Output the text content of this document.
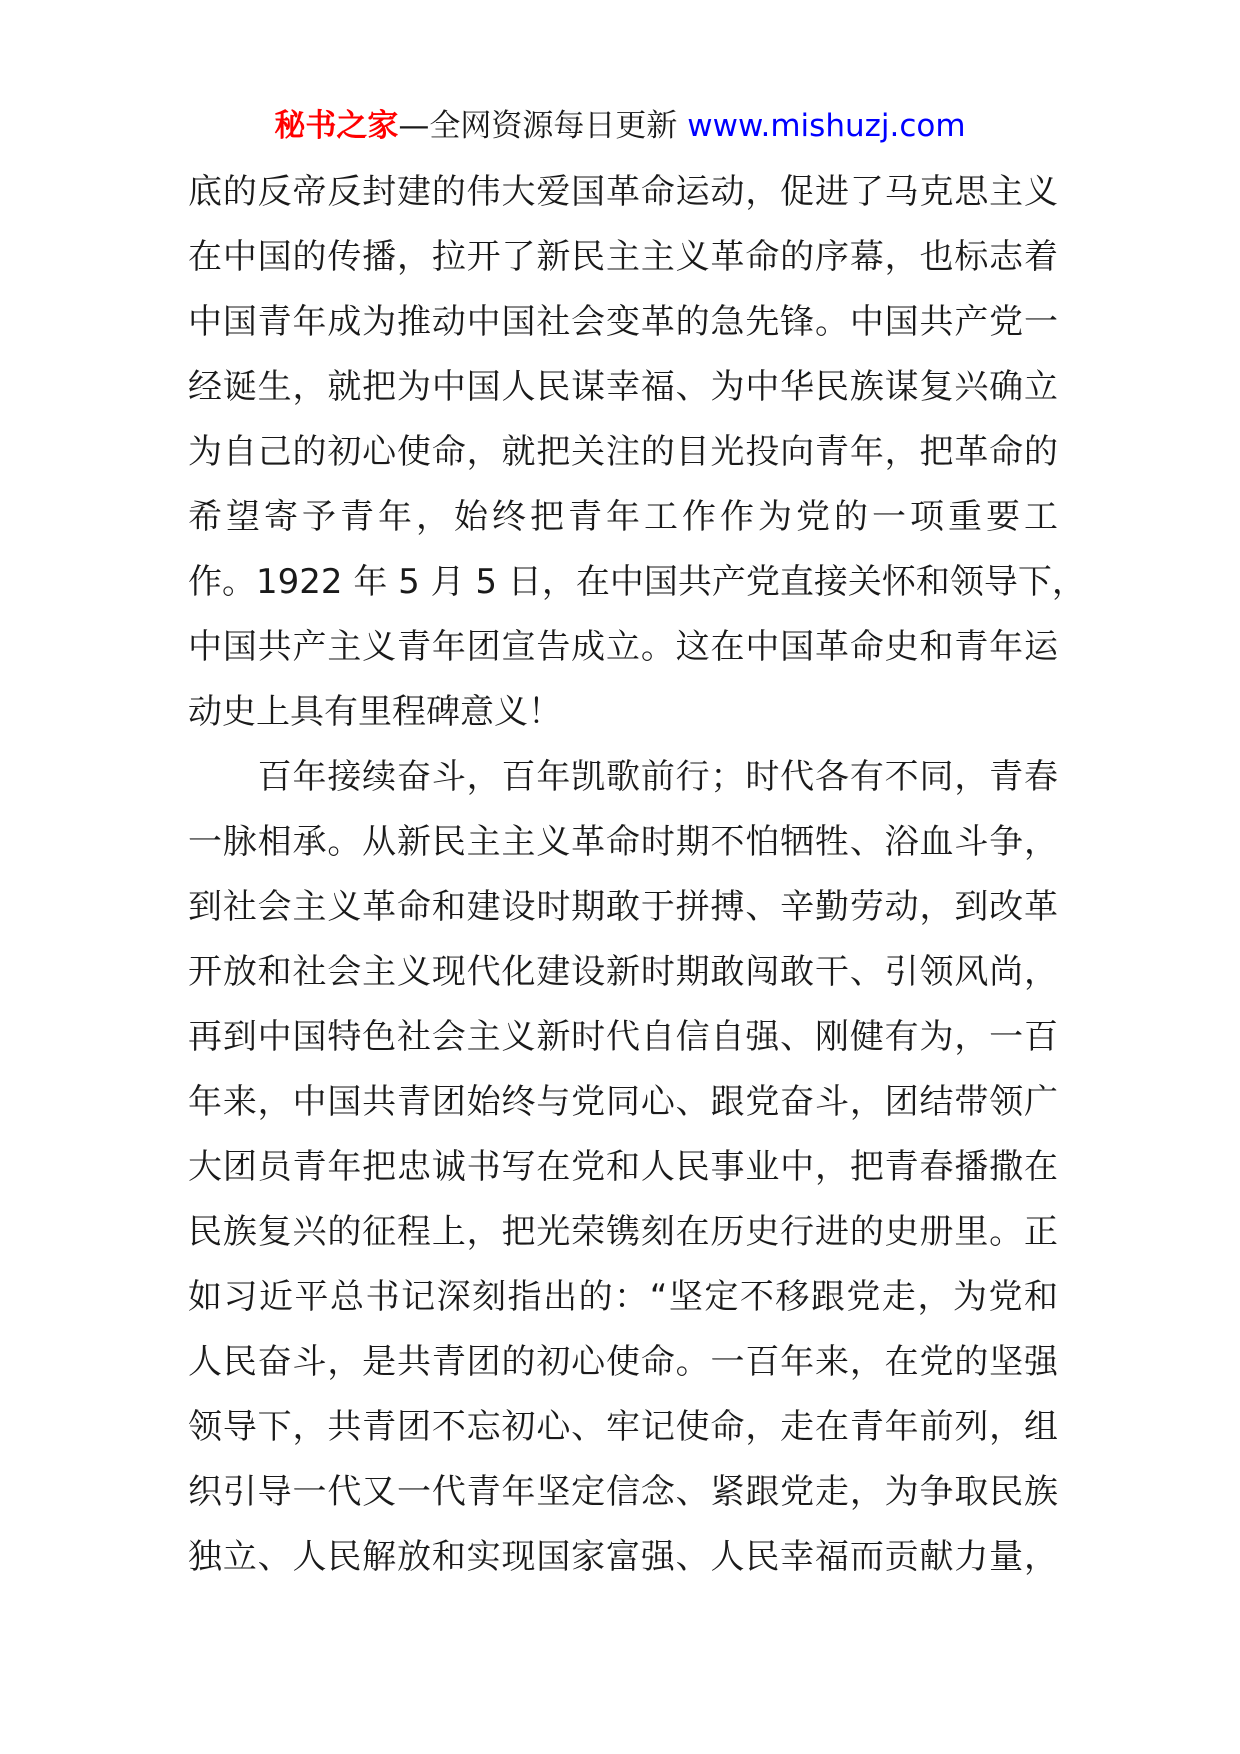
秘书之家—全网资源每日更新 www.mishuzj.com
底的反帝反封建的伟大爱国革命运动，促进了马克思主义
在中国的传播，拉开了新民主主义革命的序幕，也标志着
中国青年成为推动中国社会变革的急先锋。中国共产党一
经诞生，就把为中国人民谋幸福、为中华民族谋复兴确立
为自己的初心使命，就把关注的目光投向青年，把革命的
希望寄予青年，始终把青年工作作为党的一项重要工
作。1922 年 5 月 5 日，在中国共产党直接关怀和领导下，
中国共产主义青年团宣告成立。这在中国革命史和青年运
动史上具有里程碑意义！
　　百年接续奋斗，百年凯歌前行；时代各有不同，青春
一脉相承。从新民主主义革命时期不怕牺牲、浴血斗争，
到社会主义革命和建设时期敢于拼搏、辛勤劳动，到改革
开放和社会主义现代化建设新时期敢闯敢干、引领风尚，
再到中国特色社会主义新时代自信自强、刚健有为，一百
年来，中国共青团始终与党同心、跟党奋斗，团结带领广
大团员青年把忠诚书写在党和人民事业中，把青春播撒在
民族复兴的征程上，把光荣镌刻在历史行进的史册里。正
如习近平总书记深刻指出的：“坚定不移跟党走，为党和
人民奋斗，是共青团的初心使命。一百年来，在党的坚强
领导下，共青团不忘初心、牢记使命，走在青年前列，组
织引导一代又一代青年坚定信念、紧跟党走，为争取民族
独立、人民解放和实现国家富强、人民幸福而贡献力量，
